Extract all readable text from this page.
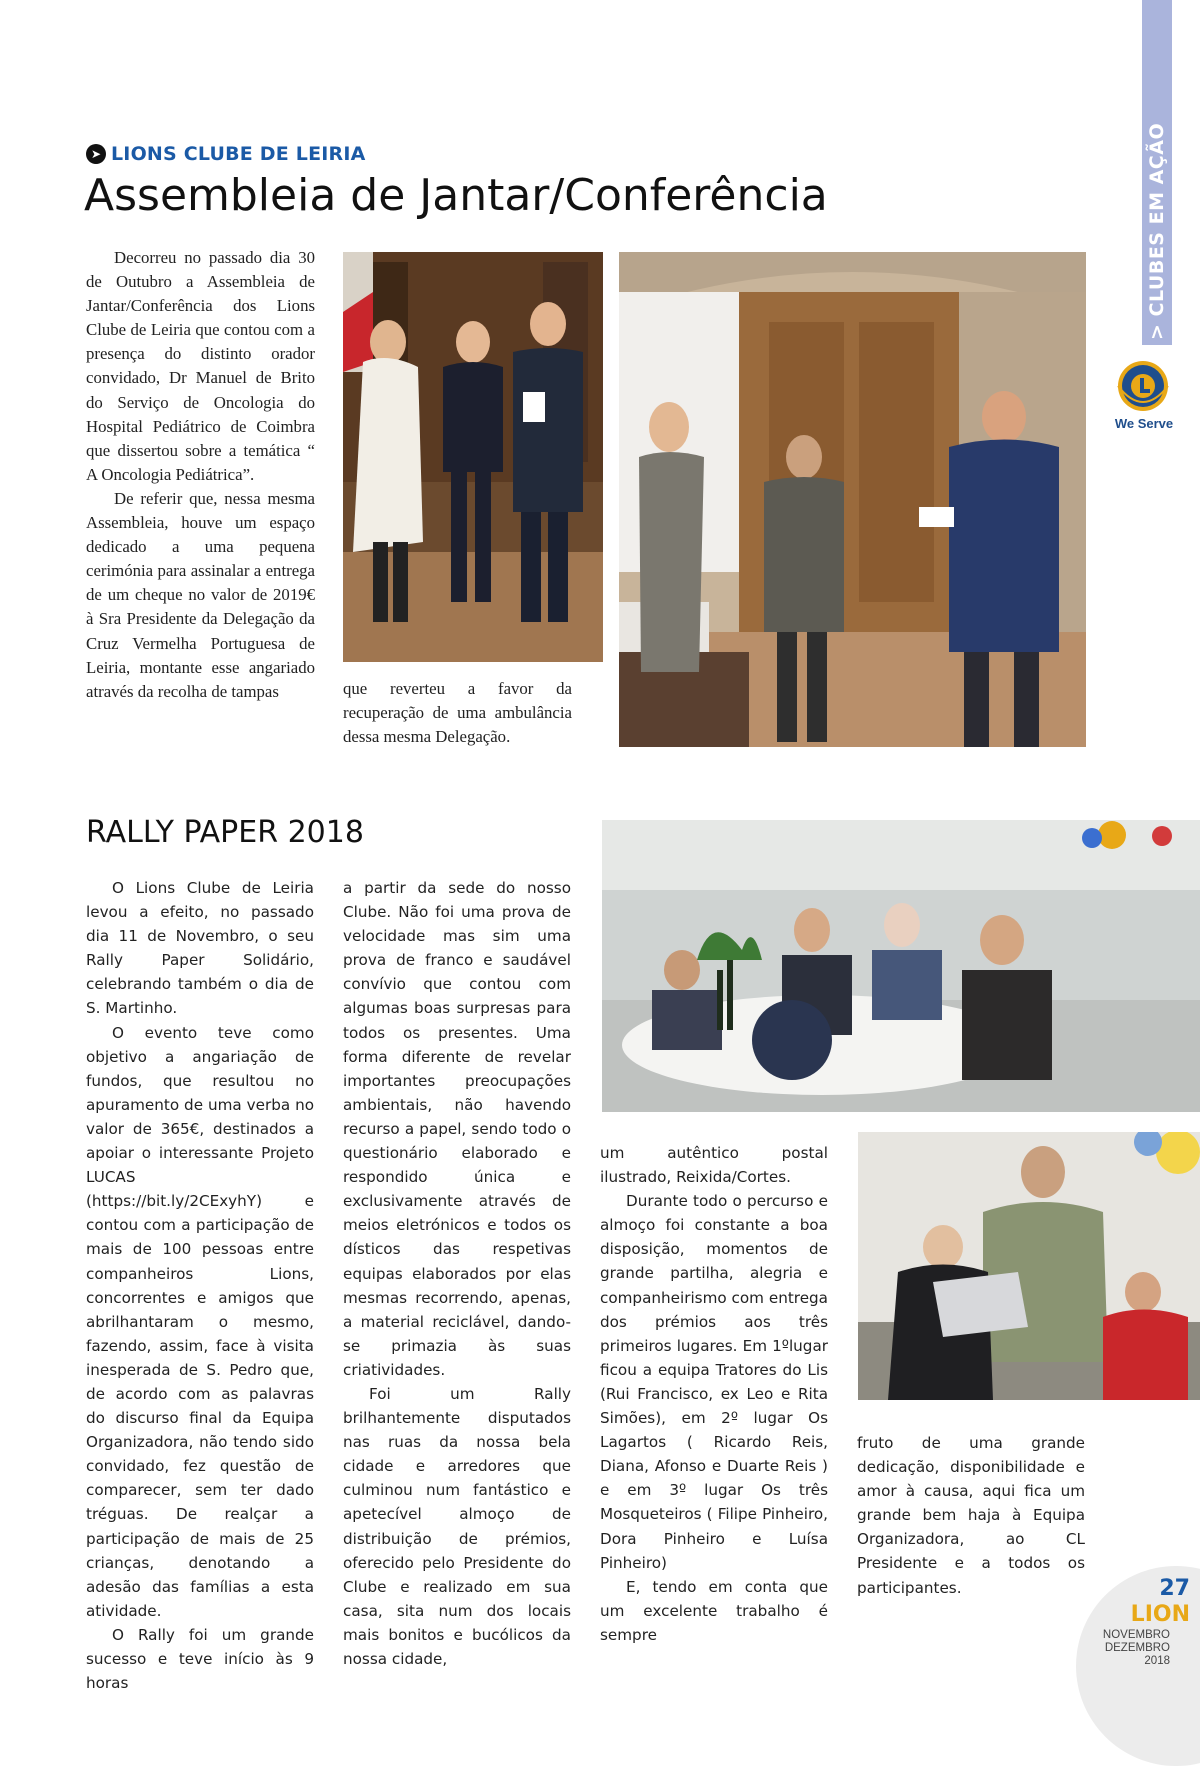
We Serve
➤ LIONS CLUBE DE LEIRIA
Assembleia de Jantar/Conferência

Decorreu no passado dia 30 de Outubro a Assembleia de Jantar/Conferência dos Lions Clube de Leiria que contou com a presença do distinto orador convidado, Dr Manuel de Brito do Serviço de Oncologia do Hospital Pediátrico de Coimbra que dissertou sobre a temática “ A Oncologia Pediátrica”.

De referir que, nessa mesma Assembleia, houve um espaço dedicado a uma pequena cerimónia para assinalar a entrega de um cheque no valor de 2019€ à Sra Presidente da Delegação da Cruz Vermelha Portuguesa de Leiria, montante esse angariado através da recolha de tampas	que reverteu a favor da recuperação de uma ambulância dessa mesma Delegação.

RALLY PAPER 2018

O Lions Clube de Leiria levou a efeito, no passado dia 11 de Novembro, o seu Rally Paper Solidário, celebrando também o dia de S. Martinho.

O evento teve como objetivo a angariação de fundos, que resultou no apuramento de uma verba no valor de 365€, destinados a apoiar o interessante Projeto LUCAS (https://bit.ly/2CExyhY) e contou com a participação de mais de 100 pessoas entre companheiros Lions, concorrentes e amigos que abrilhantaram o mesmo, fazendo, assim, face à visita inesperada de S. Pedro que, de acordo com as palavras do discurso final da Equipa Organizadora, não tendo sido convidado, fez questão de comparecer, sem ter dado tréguas. De realçar a participação de mais de 25 crianças, denotando a adesão das famílias a esta atividade.

O Rally foi um grande sucesso e teve início às 9 horas

a partir da sede do nosso Clube. Não foi uma prova de velocidade mas sim uma prova de franco e saudável convívio que contou com algumas boas surpresas para todos os presentes. Uma forma diferente de revelar importantes preocupações ambientais, não havendo recurso a papel, sendo todo o questionário elaborado e respondido única e exclusivamente através de meios eletrónicos e todos os dísticos das respetivas equipas elaborados por elas mesmas recorrendo, apenas, a material reciclável, dando-se primazia às suas criatividades.

Foi um Rally brilhantemente disputados nas ruas da nossa bela cidade e arredores que culminou num fantástico e apetecível almoço de distribuição de prémios, oferecido pelo Presidente do Clube e realizado em sua casa, sita num dos locais mais bonitos e bucólicos da nossa cidade,

um autêntico postal ilustrado, Reixida/Cortes.

Durante todo o percurso e almoço foi constante a boa disposição, momentos de grande partilha, alegria e companheirismo com entrega dos prémios aos três primeiros lugares. Em 1ºlugar ficou a equipa Tratores do Lis (Rui Francisco, ex Leo e Rita Simões), em 2º lugar Os Lagartos ( Ricardo Reis, Diana, Afonso e Duarte Reis ) e em 3º lugar Os três Mosqueteiros ( Filipe Pinheiro, Dora Pinheiro e Luísa Pinheiro)

E, tendo em conta que um excelente trabalho é sempre

fruto de uma grande dedicação, disponibilidade e amor à causa, aqui fica um grande bem haja à Equipa Organizadora, ao CL Presidente e a todos os participantes.	27
LION
NOVEMBRO
DEZEMBRO
2018
